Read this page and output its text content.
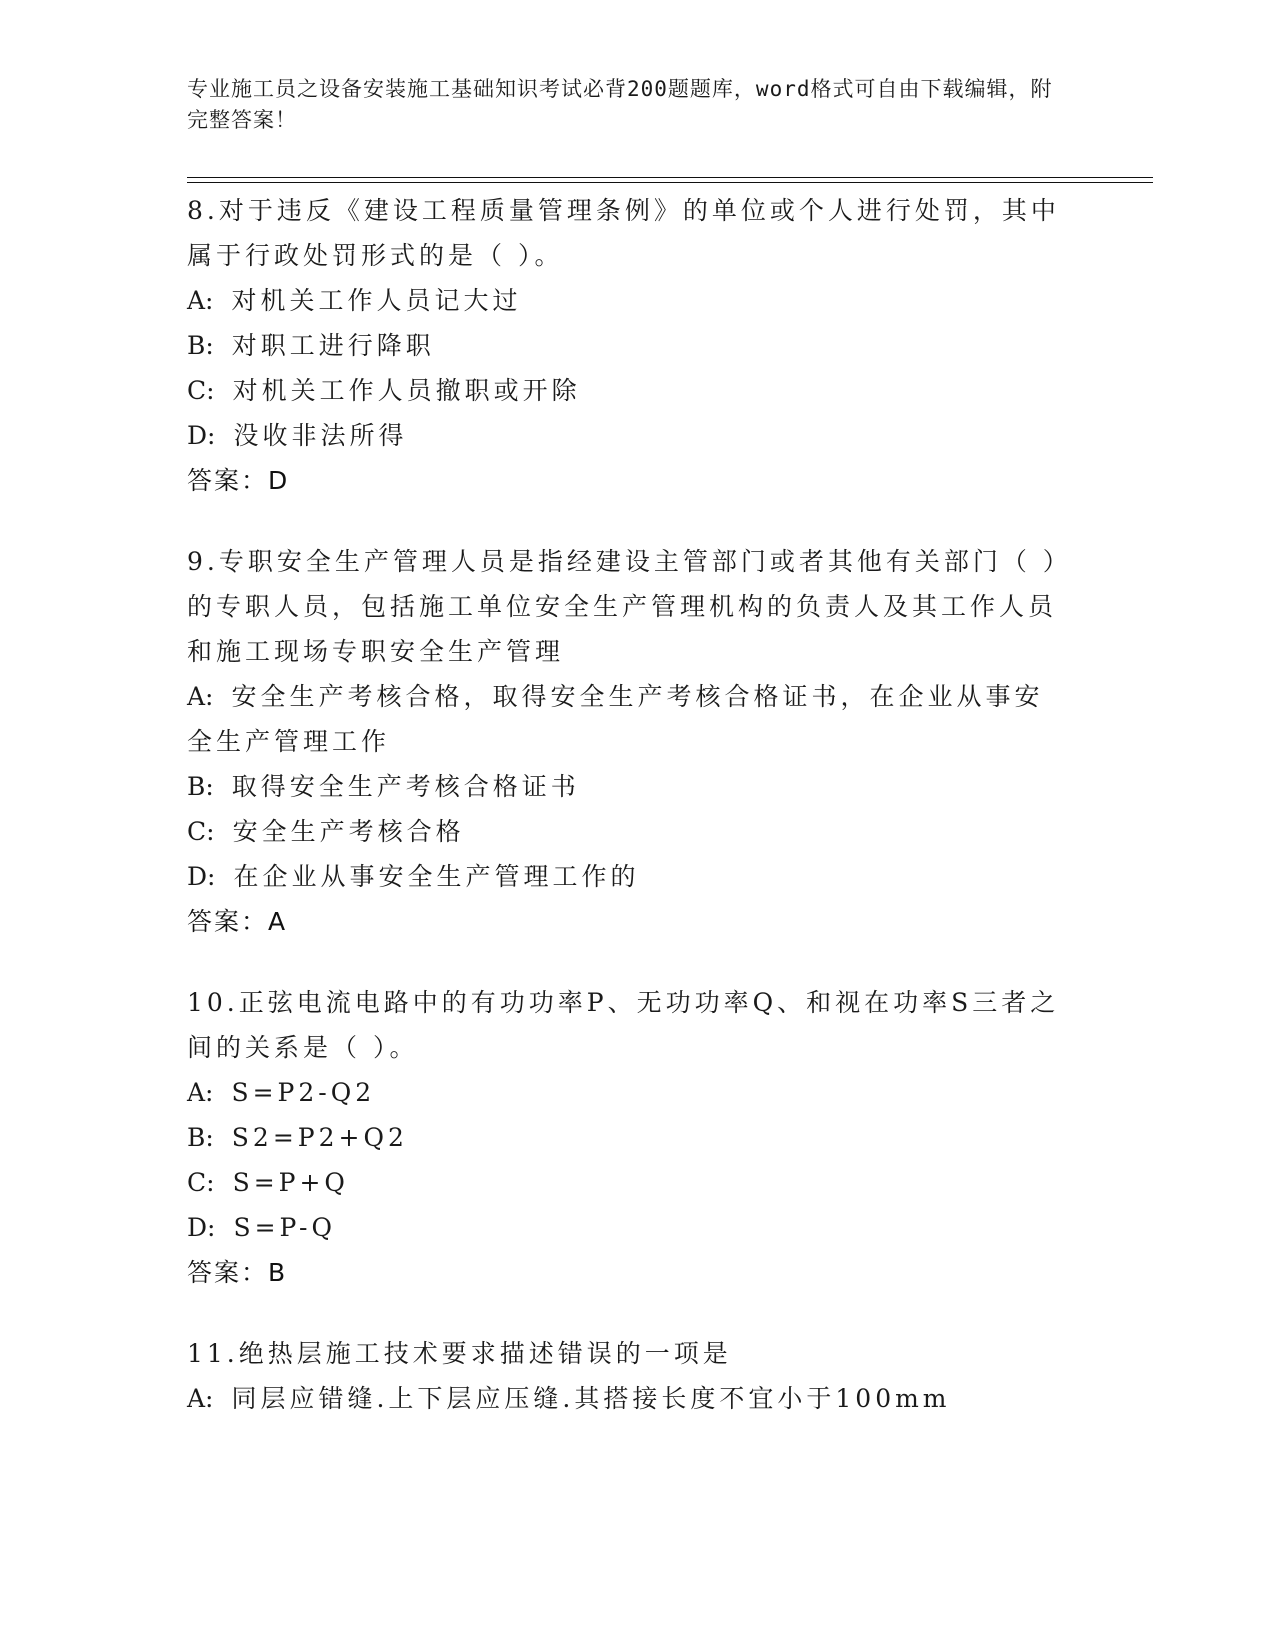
专业施工员之设备安装施工基础知识考试必背200题题库，word格式可自由下载编辑，附完整答案！
8.对于违反《建设工程质量管理条例》的单位或个人进行处罚，其中属于行政处罚形式的是（ ）。
A: 对机关工作人员记大过
B: 对职工进行降职
C: 对机关工作人员撤职或开除
D: 没收非法所得
答案：D
9.专职安全生产管理人员是指经建设主管部门或者其他有关部门（ ）的专职人员，包括施工单位安全生产管理机构的负责人及其工作人员和施工现场专职安全生产管理
A: 安全生产考核合格，取得安全生产考核合格证书，在企业从事安全生产管理工作
B: 取得安全生产考核合格证书
C: 安全生产考核合格
D: 在企业从事安全生产管理工作的
答案：A
10.正弦电流电路中的有功功率P、无功功率Q、和视在功率S三者之间的关系是（ ）。
A: S=P2-Q2
B: S2=P2+Q2
C: S=P+Q
D: S=P-Q
答案：B
11.绝热层施工技术要求描述错误的一项是
A: 同层应错缝.上下层应压缝.其搭接长度不宜小于100mm
